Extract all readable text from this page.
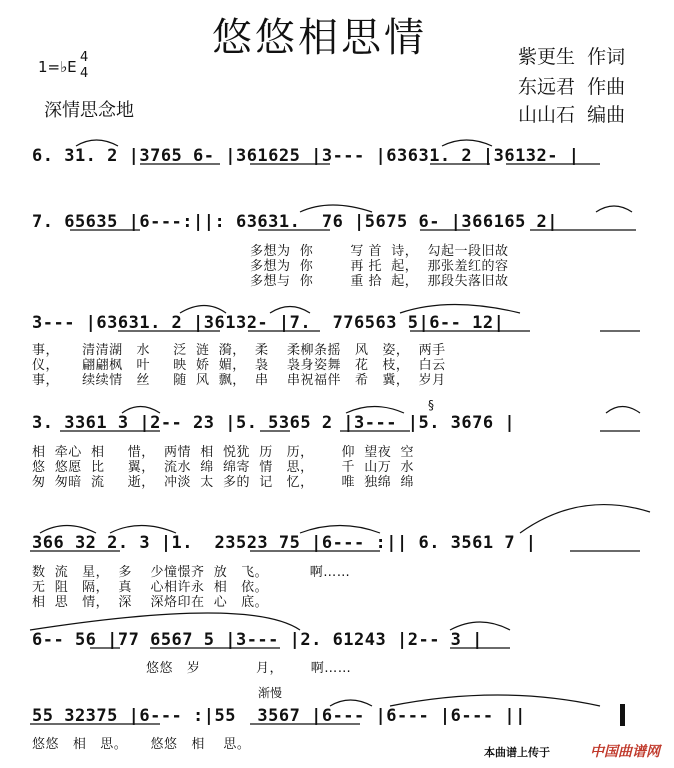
悠悠相思情	紫更生  作词
东远君  作曲
山山石  编曲
1=♭E
4
4
深情思念地
6. 31. 2 |3765 6- |361625 |3--- |63631. 2 |36132- |
7. 65635 |6---:||: 63631.  76 |5675 6- |366165 2|
多想为  你        写 首  诗，  勾起一段旧故
多想为  你        再 托  起，  那张羞红的容
多想与  你        重 拾  起，  那段失落旧故
3--- |63631. 2 |36132- |7.  776563 5|6-- 12|
事，     清清湖   水     泛  涟  漪，  柔    柔柳条摇   风   姿，  两手
仪，     翩翩枫   叶     映  娇  媚，  袅    袅身姿舞   花   枝，  白云
事，     续续情   丝     随  风  飘，  串    串祝福伴   希   冀，  岁月
§
3. 3361 3 |2-- 23 |5. 5365 2 |3--- |5. 3676 |
相  牵心  相     惜，  两情  相  悦犹  历   历，      仰  望夜  空
悠  悠愿  比     翼，  流水  绵  绵寄  情   思，      千  山万  水
匆  匆暗  流     逝，  冲淡  太  多的  记   忆，      唯  独绵  绵
366 32 2. 3 |1.  23523 75 |6--- :|| 6. 3561 7 |
数  流   星，  多    少憧憬齐  放   飞。         啊……
无  阻   隔，  真    心相许永  相   依。
相  思   情，  深    深烙印在  心   底。
6-- 56 |77 6567 5 |3--- |2. 61243 |2-- 3 |
悠悠   岁            月，      啊……
渐慢
55 32375 |6--- :|55  3567 |6--- |6--- |6--- ||
悠悠   相   思。     悠悠   相    思。
本曲谱上传于	中国曲谱网
